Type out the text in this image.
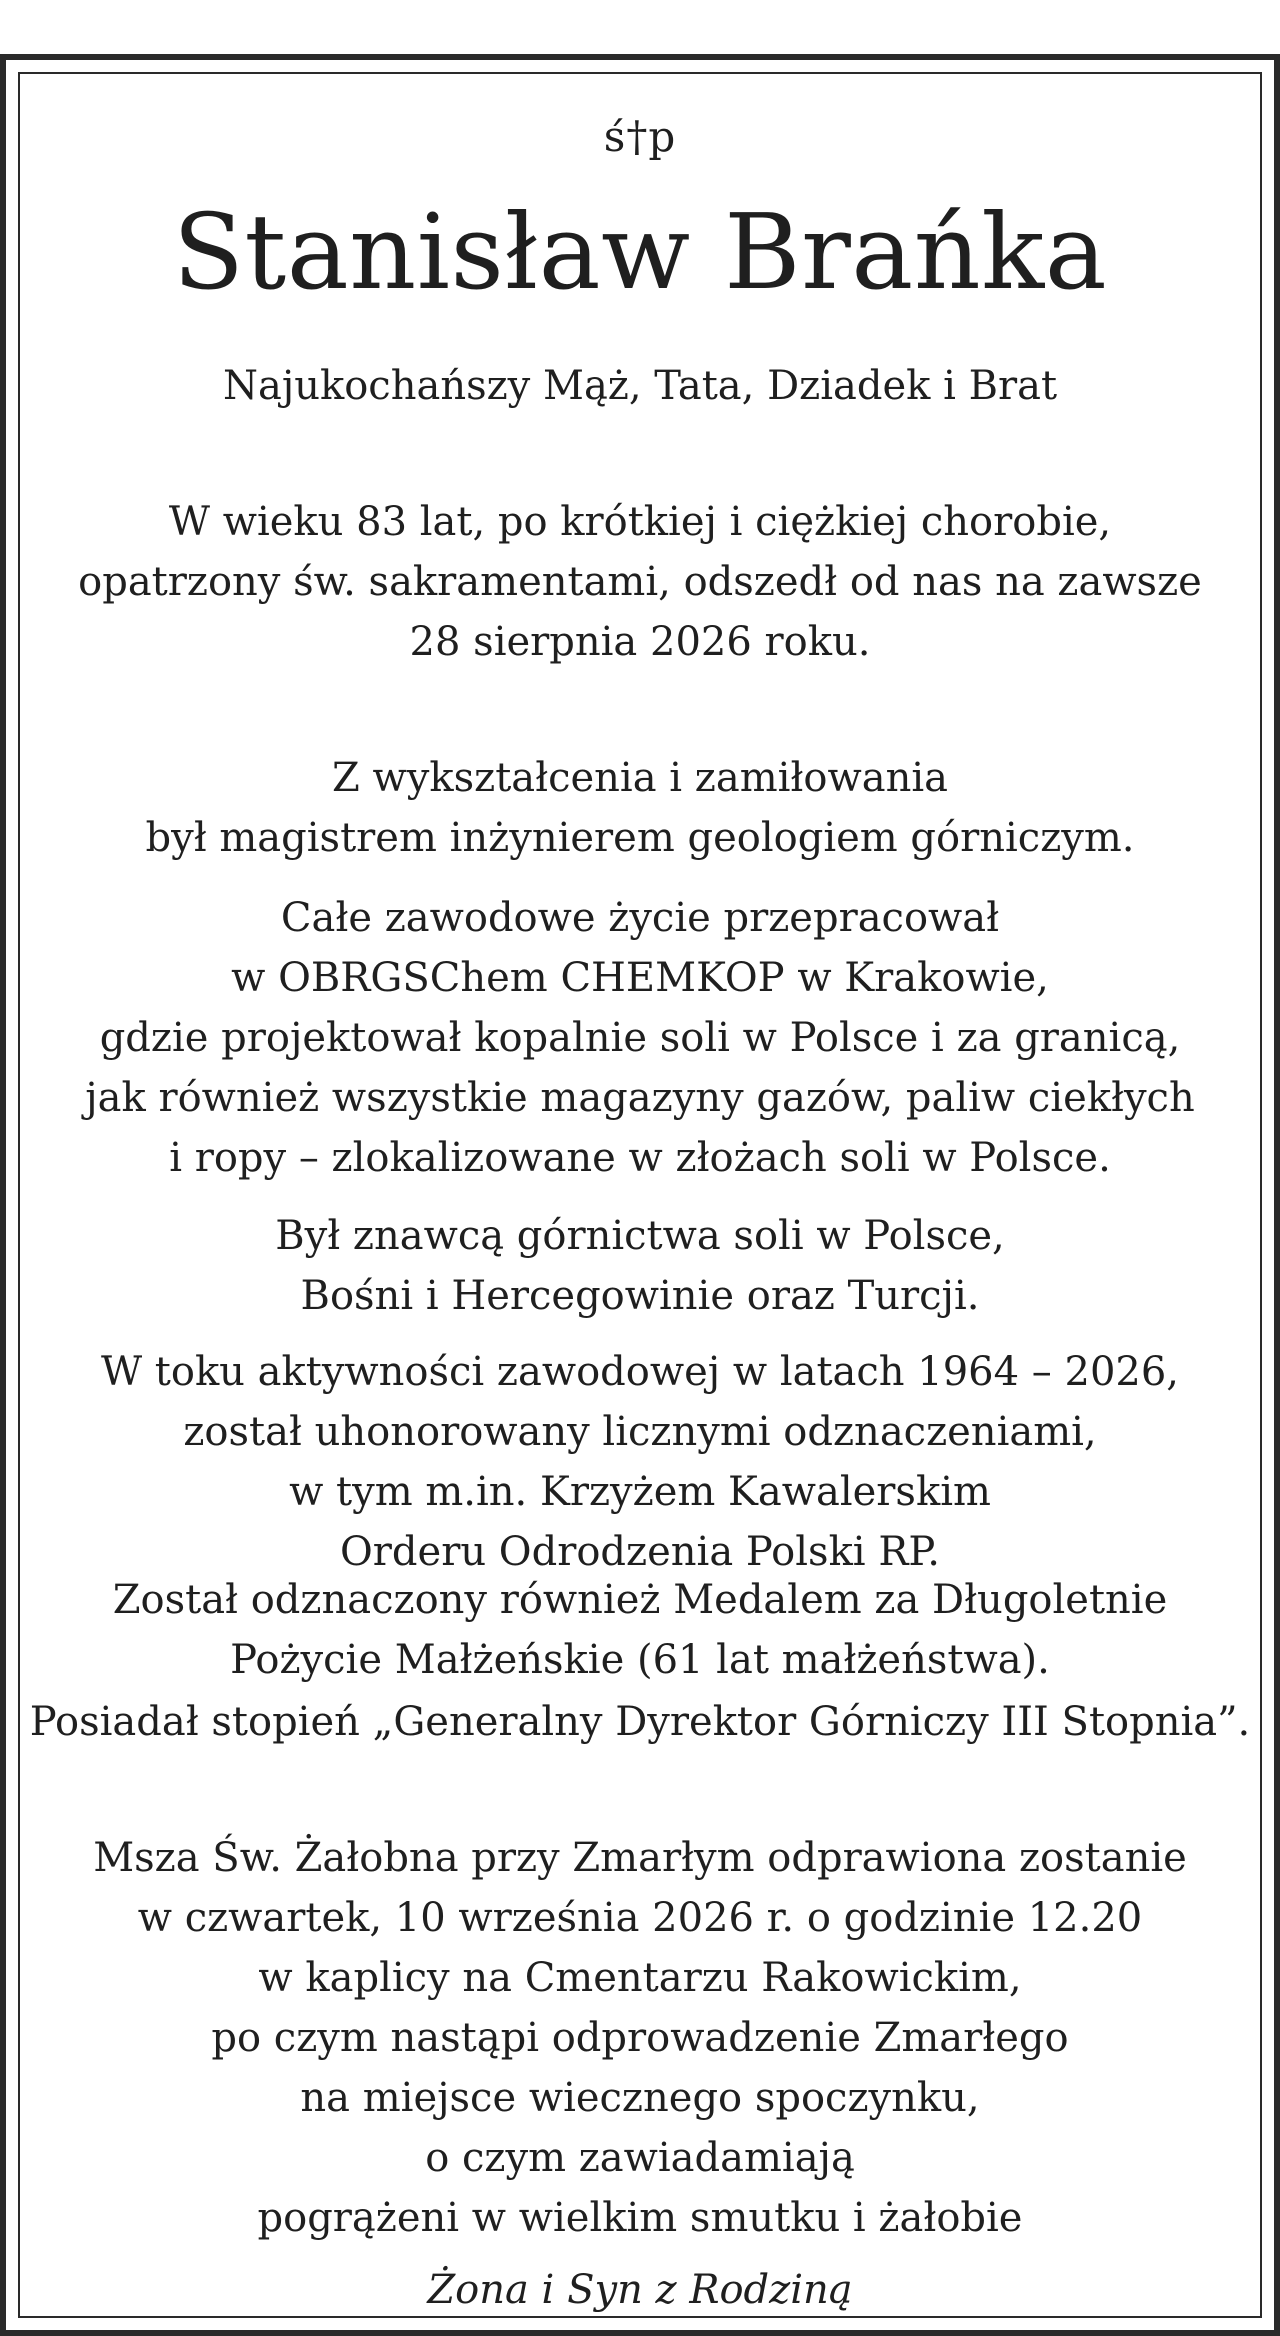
ś†p
Stanisław Brańka
Najukochańszy Mąż, Tata, Dziadek i Brat
W wieku 83 lat, po krótkiej i ciężkiej chorobie,
opatrzony św. sakramentami, odszedł od nas na zawsze
28 sierpnia 2026 roku.
Z wykształcenia i zamiłowania
był magistrem inżynierem geologiem górniczym.
Całe zawodowe życie przepracował
w OBRGSChem CHEMKOP w Krakowie,
gdzie projektował kopalnie soli w Polsce i za granicą,
jak również wszystkie magazyny gazów, paliw ciekłych
i ropy – zlokalizowane w złożach soli w Polsce.
Był znawcą górnictwa soli w Polsce,
Bośni i Hercegowinie oraz Turcji.
W toku aktywności zawodowej w latach 1964 – 2026,
został uhonorowany licznymi odznaczeniami,
w tym m.in. Krzyżem Kawalerskim
Orderu Odrodzenia Polski RP.
Został odznaczony również Medalem za Długoletnie
Pożycie Małżeńskie (61 lat małżeństwa).
Posiadał stopień „Generalny Dyrektor Górniczy III Stopnia”.
Msza Św. Żałobna przy Zmarłym odprawiona zostanie
w czwartek, 10 września 2026 r. o godzinie 12.20
w kaplicy na Cmentarzu Rakowickim,
po czym nastąpi odprowadzenie Zmarłego
na miejsce wiecznego spoczynku,
o czym zawiadamiają
pogrążeni w wielkim smutku i żałobie
Żona i Syn z Rodziną
